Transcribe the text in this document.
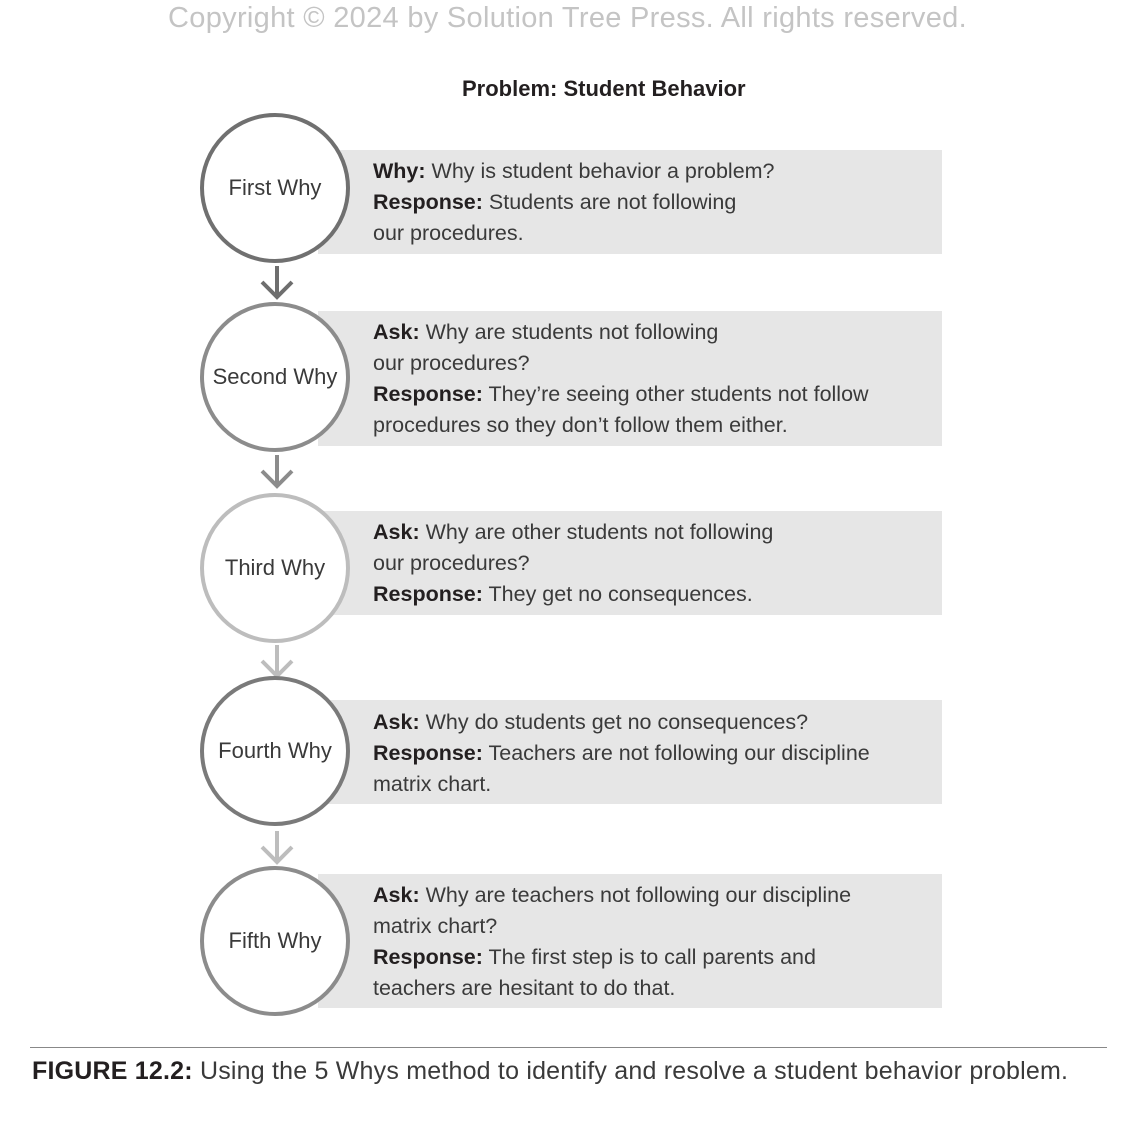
Copyright © 2024 by Solution Tree Press. All rights reserved.
Problem: Student Behavior
Why: Why is student behavior a problem?
Response: Students are not following
our procedures.
First Why
Ask: Why are students not following
our procedures?
Response: They’re seeing other students not follow
procedures so they don’t follow them either.
Second Why
Ask: Why are other students not following
our procedures?
Response: They get no consequences.
Third Why
Ask: Why do students get no consequences?
Response: Teachers are not following our discipline
matrix chart.
Fourth Why
Ask: Why are teachers not following our discipline
matrix chart?
Response: The first step is to call parents and
teachers are hesitant to do that.
Fifth Why
FIGURE 12.2: Using the 5 Whys method to identify and resolve a student behavior problem.
